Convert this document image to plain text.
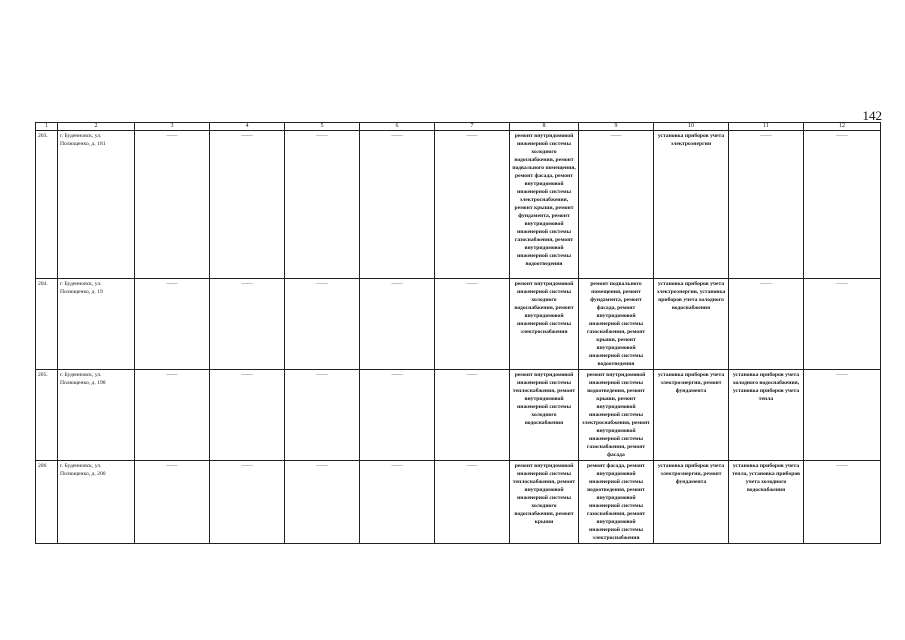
142
1	2	3	4	5	6	7	8	9	10	11	12
203.	г. Буденновск, ул. Полющенко, д. 181	——	——	——	——	——	ремонт внутридомовой инженерной системы холодного водоснабжения, ремонт подвального помещения, ремонт фасада, ремонт внутридомовой инженерной системы электроснабжения, ремонт крыши, ремонт фундамента, ремонт внутридомовой инженерной системы газоснабжения, ремонт внутридомовой инженерной системы водоотведения	——	установка приборов учета электроэнергии	——	——
204.	г. Буденновск, ул. Полющенко, д. 19	——	——	——	——	——	ремонт внутридомовой инженерной системы холодного водоснабжения, ремонт внутридомовой инженерной системы электроснабжения	ремонт подвального помещения, ремонт фундамента, ремонт фасада, ремонт внутридомовой инженерной системы газоснабжения, ремонт крыши, ремонт внутридомовой инженерной системы водоотведения	установка приборов учета электроэнергии, установка приборов учета холодного водоснабжения	——	——
205.	г. Буденновск, ул. Полющенко, д. 198	——	——	——	——	——	ремонт внутридомовой инженерной системы теплоснабжения, ремонт внутридомовой инженерной системы холодного водоснабжения	ремонт внутридомовой инженерной системы водоотведения, ремонт крыши, ремонт внутридомовой инженерной системы электроснабжения, ремонт внутридомовой инженерной системы газоснабжения, ремонт фасада	установка приборов учета электроэнергии, ремонт фундамента	установка приборов учета холодного водоснабжения, установка приборов учета тепла	——
206	г. Буденновск, ул. Полющенко, д. 200	——	——	——	——	——	ремонт внутридомовой инженерной системы теплоснабжения, ремонт внутридомовой инженерной системы холодного водоснабжения, ремонт крыши	ремонт фасада, ремонт внутридомовой инженерной системы водоотведения, ремонт внутридомовой инженерной системы газоснабжения, ремонт внутридомовой инженерной системы электроснабжения	установка приборов учета электроэнергии, ремонт фундамента	установка приборов учета тепла, установка приборов учета холодного водоснабжения	——
